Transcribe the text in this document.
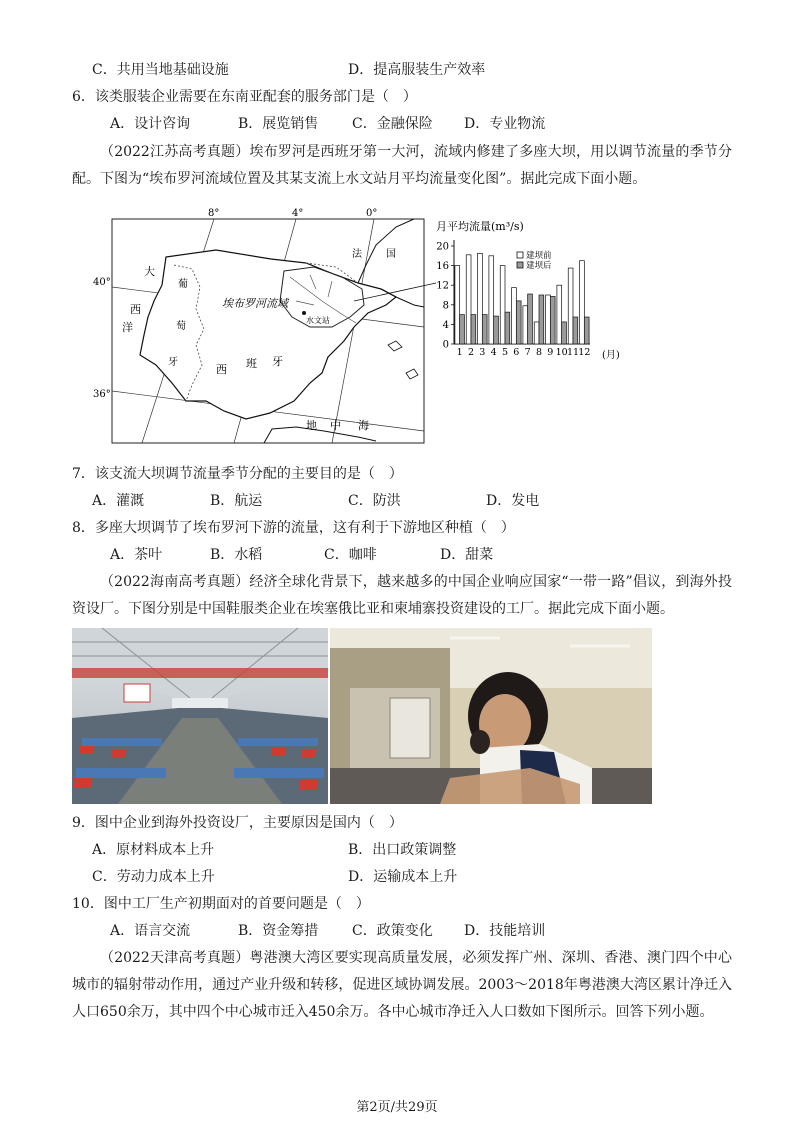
C．共用当地基础设施	D．提高服装生产效率
6．该类服装企业需要在东南亚配套的服务部门是（　）
A．设计咨询	B．展览销售 C．金融保险 D．专业物流
（2022江苏高考真题）埃布罗河是西班牙第一大河，流域内修建了多座大坝，用以调节流量的季节分配。下图为“埃布罗河流域位置及其某支流上水文站月平均流量变化图”。据此完成下面小题。
8°	4°	0°
40°
36°
大
西
洋
葡
萄
牙
西 班 牙
法 国
埃布罗河流域
水文站
地 中 海
月平均流量(m³/s)
0
4
8
12
16
20
1 2 3 4 5 6 7 8 9 10 11 12
建坝前
建坝后
(月)
7．该支流大坝调节流量季节分配的主要目的是（　）
A．灌溉	B．航运	C．防洪	D．发电
8．多座大坝调节了埃布罗河下游的流量，这有利于下游地区种植（　）
A．茶叶	B．水稻	C．咖啡	D．甜菜
（2022海南高考真题）经济全球化背景下，越来越多的中国企业响应国家“一带一路”倡议，到海外投资设厂。下图分别是中国鞋服类企业在埃塞俄比亚和柬埔寨投资建设的工厂。据此完成下面小题。
9．图中企业到海外投资设厂，主要原因是国内（　）
A．原材料成本上升	B．出口政策调整
C．劳动力成本上升	D．运输成本上升
10．图中工厂生产初期面对的首要问题是（　）
A．语言交流	B．资金筹措 C．政策变化 D．技能培训
（2022天津高考真题）粤港澳大湾区要实现高质量发展，必须发挥广州、深圳、香港、澳门四个中心城市的辐射带动作用，通过产业升级和转移，促进区域协调发展。2003～2018年粤港澳大湾区累计净迁入人口650余万，其中四个中心城市迁入450余万。各中心城市净迁入人口数如下图所示。回答下列小题。
第2页/共29页
